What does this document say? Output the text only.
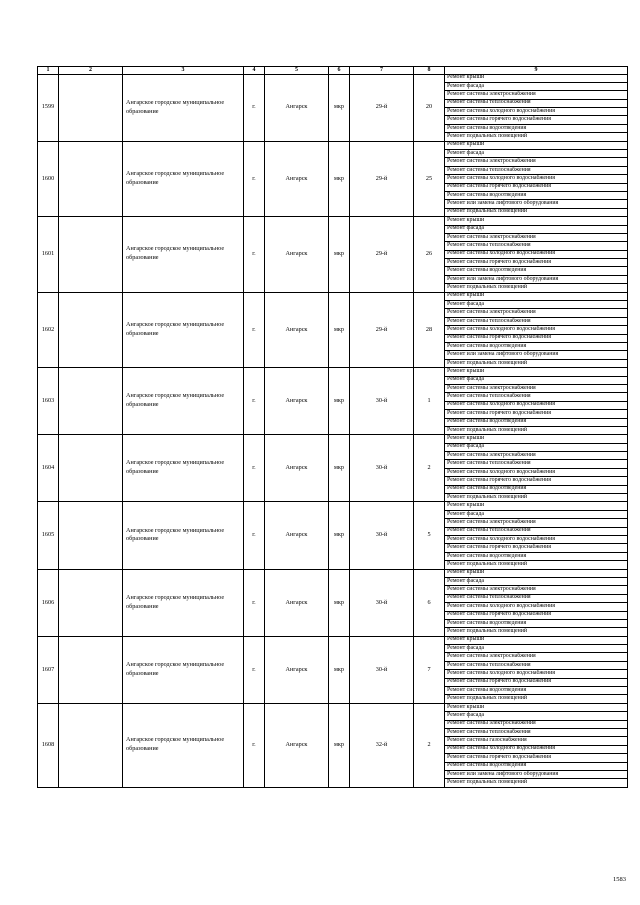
1	2	3	4	5	6	7	8	9
1599		Ангарское городское муниципальное образование	г.	Ангарск	мкр	29-й	20	Ремонт крыши
								Ремонт фасада
								Ремонт системы электроснабжения
								Ремонт системы теплоснабжения
								Ремонт системы холодного водоснабжения
								Ремонт системы горячего водоснабжения
								Ремонт системы водоотведения
								Ремонт подвальных помещений
1600		Ангарское городское муниципальное образование	г.	Ангарск	мкр	29-й	25	Ремонт крыши
								Ремонт фасада
								Ремонт системы электроснабжения
								Ремонт системы теплоснабжения
								Ремонт системы холодного водоснабжения
								Ремонт системы горячего водоснабжения
								Ремонт системы водоотведения
								Ремонт или замена лифтового оборудования
								Ремонт подвальных помещений
1601		Ангарское городское муниципальное образование	г.	Ангарск	мкр	29-й	26	Ремонт крыши
								Ремонт фасада
								Ремонт системы электроснабжения
								Ремонт системы теплоснабжения
								Ремонт системы холодного водоснабжения
								Ремонт системы горячего водоснабжения
								Ремонт системы водоотведения
								Ремонт или замена лифтового оборудования
								Ремонт подвальных помещений
1602		Ангарское городское муниципальное образование	г.	Ангарск	мкр	29-й	28	Ремонт крыши
								Ремонт фасада
								Ремонт системы электроснабжения
								Ремонт системы теплоснабжения
								Ремонт системы холодного водоснабжения
								Ремонт системы горячего водоснабжения
								Ремонт системы водоотведения
								Ремонт или замена лифтового оборудования
								Ремонт подвальных помещений
1603		Ангарское городское муниципальное образование	г.	Ангарск	мкр	30-й	1	Ремонт крыши
								Ремонт фасада
								Ремонт системы электроснабжения
								Ремонт системы теплоснабжения
								Ремонт системы холодного водоснабжения
								Ремонт системы горячего водоснабжения
								Ремонт системы водоотведения
								Ремонт подвальных помещений
1604		Ангарское городское муниципальное образование	г.	Ангарск	мкр	30-й	2	Ремонт крыши
								Ремонт фасада
								Ремонт системы электроснабжения
								Ремонт системы теплоснабжения
								Ремонт системы холодного водоснабжения
								Ремонт системы горячего водоснабжения
								Ремонт системы водоотведения
								Ремонт подвальных помещений
1605		Ангарское городское муниципальное образование	г.	Ангарск	мкр	30-й	5	Ремонт крыши
								Ремонт фасада
								Ремонт системы электроснабжения
								Ремонт системы теплоснабжения
								Ремонт системы холодного водоснабжения
								Ремонт системы горячего водоснабжения
								Ремонт системы водоотведения
								Ремонт подвальных помещений
1606		Ангарское городское муниципальное образование	г.	Ангарск	мкр	30-й	6	Ремонт крыши
								Ремонт фасада
								Ремонт системы электроснабжения
								Ремонт системы теплоснабжения
								Ремонт системы холодного водоснабжения
								Ремонт системы горячего водоснабжения
								Ремонт системы водоотведения
								Ремонт подвальных помещений
1607		Ангарское городское муниципальное образование	г.	Ангарск	мкр	30-й	7	Ремонт крыши
								Ремонт фасада
								Ремонт системы электроснабжения
								Ремонт системы теплоснабжения
								Ремонт системы холодного водоснабжения
								Ремонт системы горячего водоснабжения
								Ремонт системы водоотведения
								Ремонт подвальных помещений
1608		Ангарское городское муниципальное образование	г.	Ангарск	мкр	32-й	2	Ремонт крыши
								Ремонт фасада
								Ремонт системы электроснабжения
								Ремонт системы теплоснабжения
								Ремонт системы газоснабжения
								Ремонт системы холодного водоснабжения
								Ремонт системы горячего водоснабжения
								Ремонт системы водоотведения
								Ремонт или замена лифтового оборудования
								Ремонт подвальных помещений
1583
